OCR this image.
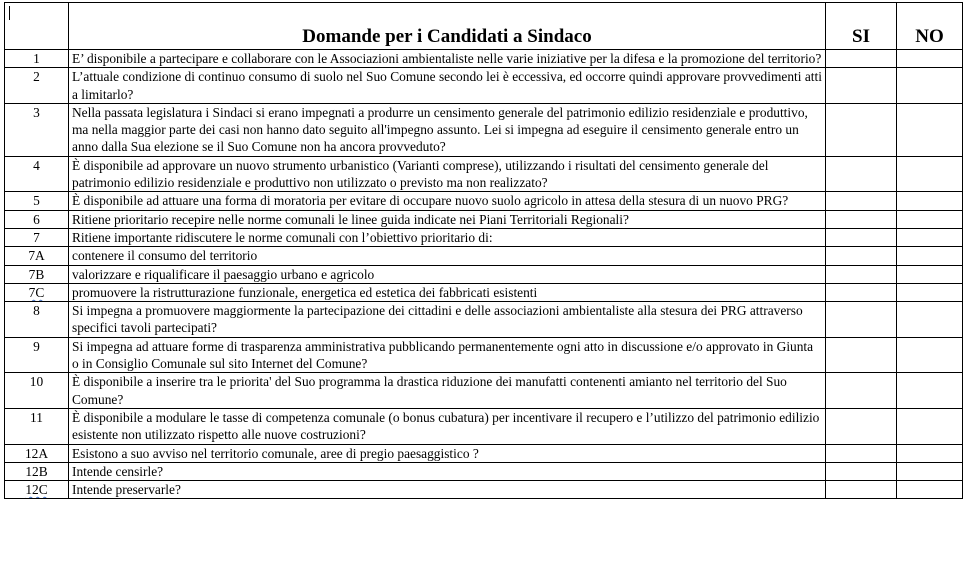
	Domande per i Candidati a Sindaco	SI	NO
1	E’ disponibile a partecipare e collaborare con le Associazioni ambientaliste nelle varie iniziative per la difesa e la promozione del territorio?		
2	L’attuale condizione di continuo consumo di suolo nel Suo Comune secondo lei è eccessiva, ed occorre quindi approvare provvedimenti atti a limitarlo?		
3	Nella passata legislatura i Sindaci si erano impegnati a produrre un censimento generale del patrimonio edilizio residenziale e produttivo, ma nella maggior parte dei casi non hanno dato seguito all'impegno assunto. Lei si impegna ad eseguire il censimento generale entro un anno dalla Sua elezione se il Suo Comune non ha ancora provveduto?		
4	È disponibile ad approvare un nuovo strumento urbanistico (Varianti comprese), utilizzando i risultati del censimento generale del patrimonio edilizio residenziale e produttivo non utilizzato o previsto ma non realizzato?		
5	È disponibile ad attuare una forma di moratoria per evitare di occupare nuovo suolo agricolo in attesa della stesura di un nuovo PRG?		
6	Ritiene prioritario recepire nelle norme comunali le linee guida indicate nei Piani Territoriali Regionali?		
7	Ritiene importante ridiscutere le norme comunali con l’obiettivo prioritario di:		
7A	contenere il consumo del territorio		
7B	valorizzare e riqualificare il paesaggio urbano e agricolo		
7C	promuovere la ristrutturazione funzionale, energetica ed estetica dei fabbricati esistenti		
8	Si impegna a promuovere maggiormente la partecipazione dei cittadini e delle associazioni ambientaliste alla stesura dei PRG attraverso specifici tavoli partecipati?		
9	Si impegna ad attuare forme di trasparenza amministrativa pubblicando permanentemente ogni atto in discussione e/o approvato in Giunta o in Consiglio Comunale sul sito Internet del Comune?		
10	È disponibile a inserire tra le priorita' del Suo programma la drastica riduzione dei manufatti contenenti amianto nel territorio del Suo Comune?		
11	È disponibile a modulare le tasse di competenza comunale (o bonus cubatura) per incentivare il recupero e l’utilizzo del patrimonio edilizio esistente non utilizzato rispetto alle nuove costruzioni?		
12A	Esistono a suo avviso nel territorio comunale, aree di pregio paesaggistico ?		
12B	Intende censirle?		
12C	Intende preservarle?		
